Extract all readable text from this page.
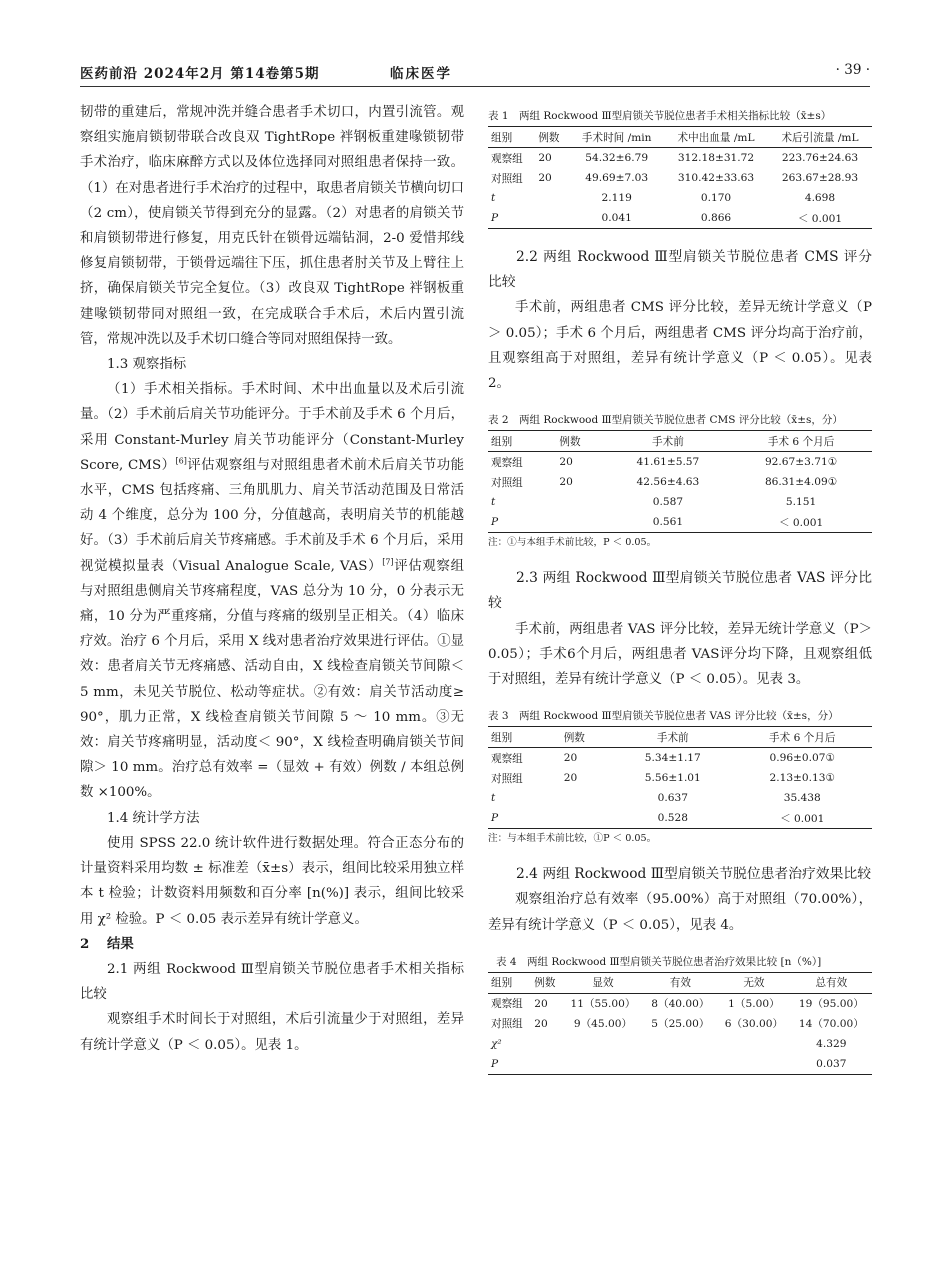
医药前沿 2024年2月 第14卷第5期	临床医学	· 39 ·

韧带的重建后，常规冲洗并缝合患者手术切口，内置引流管。观察组实施肩锁韧带联合改良双 TightRope 袢钢板重建喙锁韧带手术治疗，临床麻醉方式以及体位选择同对照组患者保持一致。（1）在对患者进行手术治疗的过程中，取患者肩锁关节横向切口（2 cm），使肩锁关节得到充分的显露。（2）对患者的肩锁关节和肩锁韧带进行修复，用克氏针在锁骨远端钻洞，2-0 爱惜邦线修复肩锁韧带，于锁骨远端往下压，抓住患者肘关节及上臂往上挤，确保肩锁关节完全复位。（3）改良双 TightRope 袢钢板重建喙锁韧带同对照组一致，在完成联合手术后，术后内置引流管，常规冲洗以及手术切口缝合等同对照组保持一致。

1.3 观察指标

（1）手术相关指标。手术时间、术中出血量以及术后引流量。（2）手术前后肩关节功能评分。于手术前及手术 6 个月后，采用 Constant-Murley 肩关节功能评分（Constant-Murley Score, CMS）[6]评估观察组与对照组患者术前术后肩关节功能水平，CMS 包括疼痛、三角肌肌力、肩关节活动范围及日常活动 4 个维度，总分为 100 分，分值越高，表明肩关节的机能越好。（3）手术前后肩关节疼痛感。手术前及手术 6 个月后，采用视觉模拟量表（Visual Analogue Scale, VAS）[7]评估观察组与对照组患侧肩关节疼痛程度，VAS 总分为 10 分，0 分表示无痛，10 分为严重疼痛，分值与疼痛的级别呈正相关。（4）临床疗效。治疗 6 个月后，采用 X 线对患者治疗效果进行评估。①显效：患者肩关节无疼痛感、活动自由，X 线检查肩锁关节间隙＜ 5 mm，未见关节脱位、松动等症状。②有效：肩关节活动度≥ 90°，肌力正常，X 线检查肩锁关节间隙 5 ～ 10 mm。③无效：肩关节疼痛明显，活动度＜ 90°，X 线检查明确肩锁关节间隙＞ 10 mm。治疗总有效率 =（显效 + 有效）例数 / 本组总例数 ×100%。

1.4 统计学方法

使用 SPSS 22.0 统计软件进行数据处理。符合正态分布的计量资料采用均数 ± 标准差（x̄±s）表示，组间比较采用独立样本 t 检验；计数资料用频数和百分率 [n(%)] 表示，组间比较采用 χ² 检验。P ＜ 0.05 表示差异有统计学意义。

2 结果

2.1 两组 Rockwood Ⅲ型肩锁关节脱位患者手术相关指标比较

观察组手术时间长于对照组，术后引流量少于对照组，差异有统计学意义（P ＜ 0.05）。见表 1。

表 1　两组 Rockwood Ⅲ型肩锁关节脱位患者手术相关指标比较（x̄±s）

组别	例数	手术时间 /min	术中出血量 /mL	术后引流量 /mL
观察组	20	54.32±6.79	312.18±31.72	223.76±24.63
对照组	20	49.69±7.03	310.42±33.63	263.67±28.93
t		2.119	0.170	4.698
P		0.041	0.866	＜ 0.001

2.2 两组 Rockwood Ⅲ型肩锁关节脱位患者 CMS 评分比较

手术前，两组患者 CMS 评分比较，差异无统计学意义（P ＞ 0.05）；手术 6 个月后，两组患者 CMS 评分均高于治疗前，且观察组高于对照组，差异有统计学意义（P ＜ 0.05）。见表 2。

表 2　两组 Rockwood Ⅲ型肩锁关节脱位患者 CMS 评分比较（x̄±s，分）

组别	例数	手术前	手术 6 个月后
观察组	20	41.61±5.57	92.67±3.71①
对照组	20	42.56±4.63	86.31±4.09①
t		0.587	5.151
P		0.561	＜ 0.001

注：①与本组手术前比较，P ＜ 0.05。

2.3 两组 Rockwood Ⅲ型肩锁关节脱位患者 VAS 评分比较

手术前，两组患者 VAS 评分比较，差异无统计学意义（P＞0.05）；手术6个月后，两组患者 VAS评分均下降，且观察组低于对照组，差异有统计学意义（P ＜ 0.05）。见表 3。

表 3　两组 Rockwood Ⅲ型肩锁关节脱位患者 VAS 评分比较（x̄±s，分）

组别	例数	手术前	手术 6 个月后
观察组	20	5.34±1.17	0.96±0.07①
对照组	20	5.56±1.01	2.13±0.13①
t		0.637	35.438
P		0.528	＜ 0.001

注：与本组手术前比较，①P ＜ 0.05。

2.4 两组 Rockwood Ⅲ型肩锁关节脱位患者治疗效果比较

观察组治疗总有效率（95.00%）高于对照组（70.00%），差异有统计学意义（P ＜ 0.05），见表 4。

表 4　两组 Rockwood Ⅲ型肩锁关节脱位患者治疗效果比较 [n（%）]

组别	例数	显效	有效	无效	总有效
观察组	20	11（55.00）	8（40.00）	1（5.00）	19（95.00）
对照组	20	9（45.00）	5（25.00）	6（30.00）	14（70.00）
χ²					4.329
P					0.037
